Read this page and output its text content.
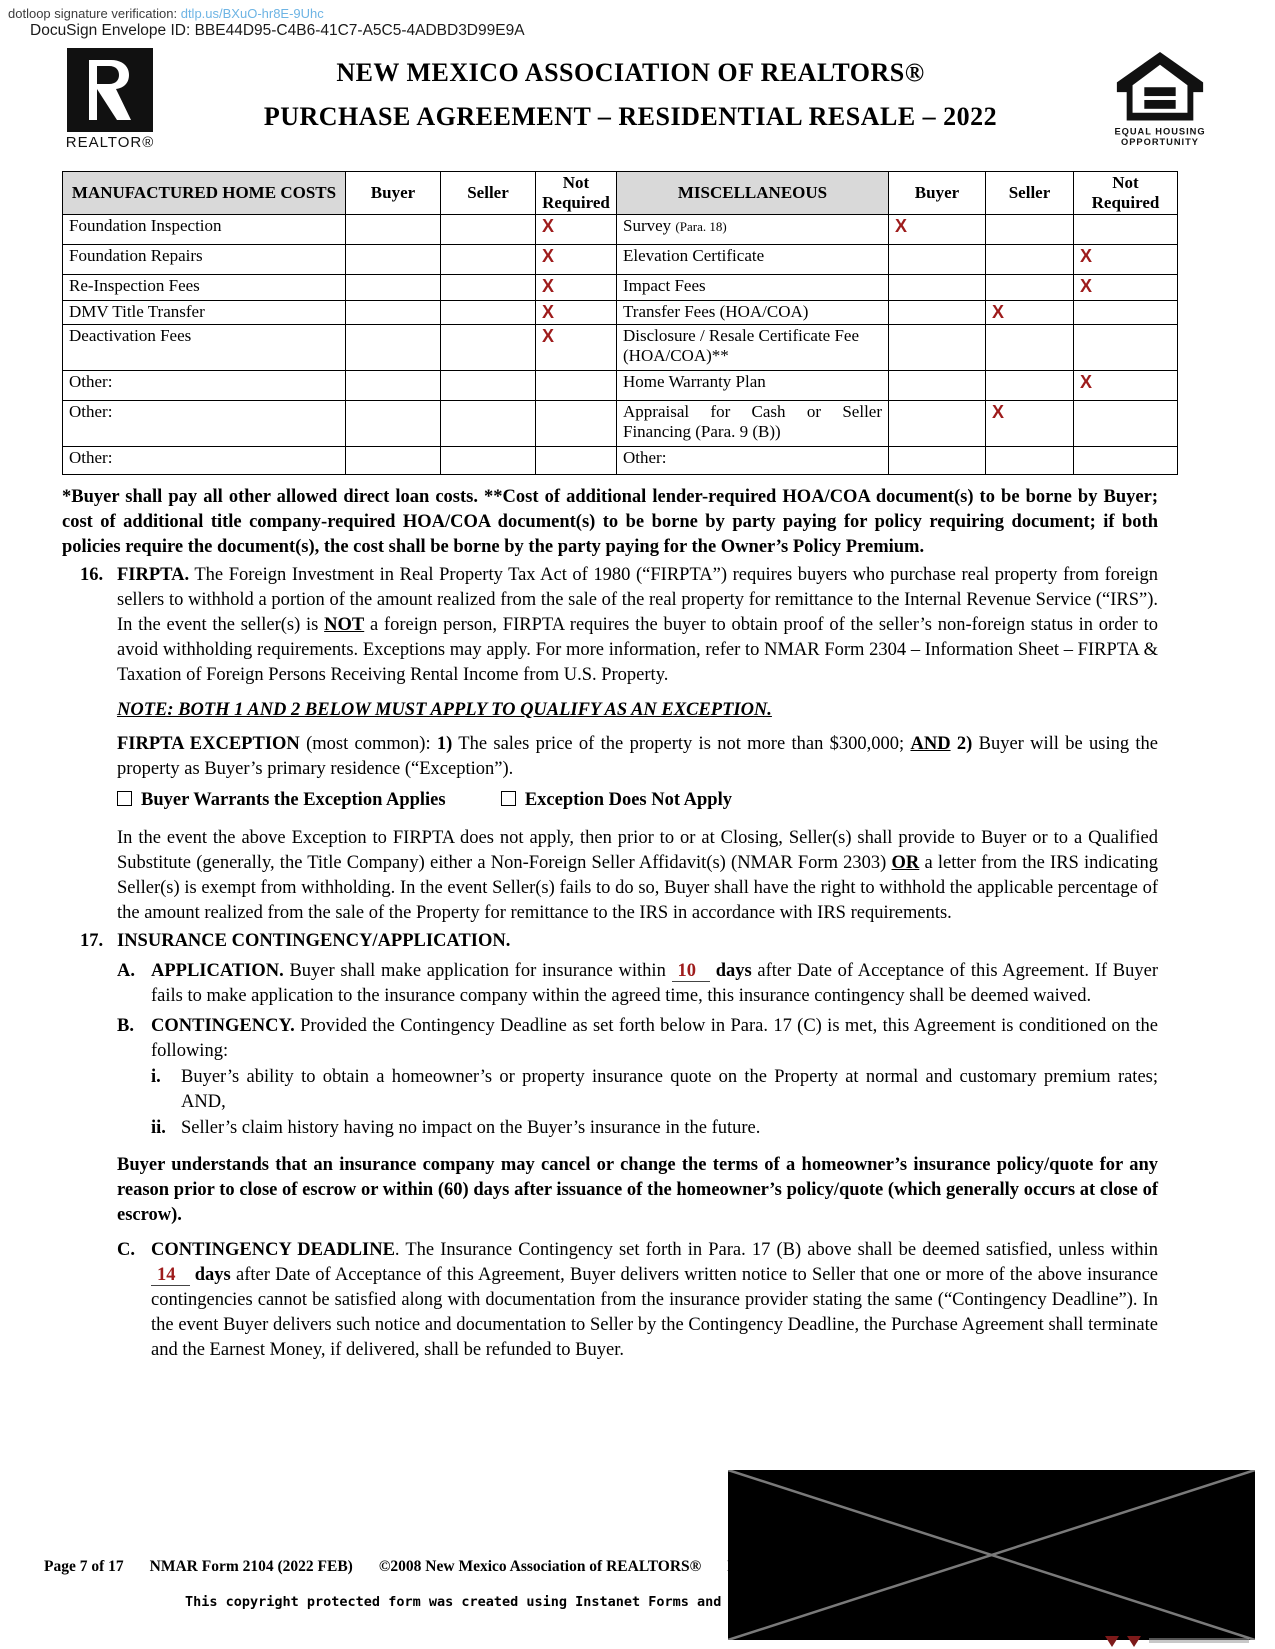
dotloop signature verification: dtlp.us/BXuO-hr8E-9Uhc
DocuSign Envelope ID: BBE44D95-C4B6-41C7-A5C5-4ADBD3D99E9A
REALTOR®
NEW MEXICO ASSOCIATION OF REALTORS®
PURCHASE AGREEMENT – RESIDENTIAL RESALE – 2022
EQUAL HOUSING
OPPORTUNITY
MANUFACTURED HOME COSTS	Buyer	Seller	Not Required	MISCELLANEOUS	Buyer	Seller	Not Required
Foundation Inspection			X	Survey (Para. 18)	X		
Foundation Repairs			X	Elevation Certificate			X
Re-Inspection Fees			X	Impact Fees			X
DMV Title Transfer			X	Transfer Fees (HOA/COA)		X	
Deactivation Fees			X	Disclosure / Resale Certificate Fee (HOA/COA)**			
Other:				Home Warranty Plan			X
Other:				Appraisal for Cash or Seller Financing (Para. 9 (B))		X	
Other:				Other:			

*Buyer shall pay all other allowed direct loan costs. **Cost of additional lender-required HOA/COA document(s) to be borne by Buyer; cost of additional title company-required HOA/COA document(s) to be borne by party paying for policy requiring document; if both policies require the document(s), the cost shall be borne by the party paying for the Owner’s Policy Premium.

16. FIRPTA. The Foreign Investment in Real Property Tax Act of 1980 (“FIRPTA”) requires buyers who purchase real property from foreign sellers to withhold a portion of the amount realized from the sale of the real property for remittance to the Internal Revenue Service (“IRS”). In the event the seller(s) is NOT a foreign person, FIRPTA requires the buyer to obtain proof of the seller’s non-foreign status in order to avoid withholding requirements. Exceptions may apply. For more information, refer to NMAR Form 2304 – Information Sheet – FIRPTA & Taxation of Foreign Persons Receiving Rental Income from U.S. Property.
NOTE: BOTH 1 AND 2 BELOW MUST APPLY TO QUALIFY AS AN EXCEPTION.
FIRPTA EXCEPTION (most common): 1) The sales price of the property is not more than $300,000; AND 2) Buyer will be using the property as Buyer’s primary residence (“Exception”).
Buyer Warrants the Exception Applies	Exception Does Not Apply
In the event the above Exception to FIRPTA does not apply, then prior to or at Closing, Seller(s) shall provide to Buyer or to a Qualified Substitute (generally, the Title Company) either a Non-Foreign Seller Affidavit(s) (NMAR Form 2303) OR a letter from the IRS indicating Seller(s) is exempt from withholding. In the event Seller(s) fails to do so, Buyer shall have the right to withhold the applicable percentage of the amount realized from the sale of the Property for remittance to the IRS in accordance with IRS requirements.
17. INSURANCE CONTINGENCY/APPLICATION.
A. APPLICATION. Buyer shall make application for insurance within 10 days after Date of Acceptance of this Agreement. If Buyer fails to make application to the insurance company within the agreed time, this insurance contingency shall be deemed waived.
B. CONTINGENCY. Provided the Contingency Deadline as set forth below in Para. 17 (C) is met, this Agreement is conditioned on the following:
i.	Buyer’s ability to obtain a homeowner’s or property insurance quote on the Property at normal and customary premium rates; AND,
ii. Seller’s claim history having no impact on the Buyer’s insurance in the future.
Buyer understands that an insurance company may cancel or change the terms of a homeowner’s insurance policy/quote for any reason prior to close of escrow or within (60) days after issuance of the homeowner’s policy/quote (which generally occurs at close of escrow).
C. CONTINGENCY DEADLINE. The Insurance Contingency set forth in Para. 17 (B) above shall be deemed satisfied, unless within 14 days after Date of Acceptance of this Agreement, Buyer delivers written notice to Seller that one or more of the above insurance contingencies cannot be satisfied along with documentation from the insurance provider stating the same (“Contingency Deadline”). In the event Buyer delivers such notice and documentation to Seller by the Contingency Deadline, the Purchase Agreement shall terminate and the Earnest Money, if delivered, shall be refunded to Buyer.
Page 7 of 17 NMAR Form 2104 (2022 FEB) ©2008 New Mexico Association of REALTORS®
This copyright protected form was created using Instanet Forms and
